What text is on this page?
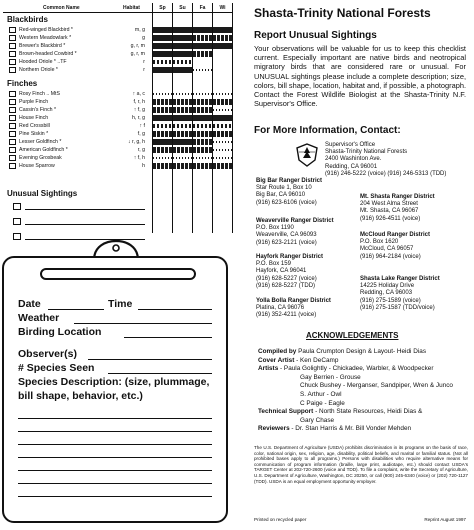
Common Name	Habitat	Sp	Su	Fa	Wi
Blackbirds
Red-winged Blackbird *	m, g
Western Meadowlark *	g
Brewer's Blackbird *	g, r, m
Brown-headed Cowbird *	g, r, m
Hooded Oriole * ..TF	r
Northern Oriole *	r
Finches
Rosy Finch .. MtS	↑ a, c
Purple Finch	f, r, h
Cassin's Finch *	↑ f, g
House Finch	h, r, g
Red Crossbill	↑ f
Pine Siskin *	f, g
Lesser Goldfinch *	↓ r, g, h
American Goldfinch *	r, g
Evening Grosbeak	↑ f, h
House Sparrow	h
Unusual Sightings
Date	Time
Weather
Birding Location
Observer(s)
# Species Seen
Species Description: (size, plummage,
bill shape, behavior, etc.)
Shasta-Trinity National Forests
Report Unusual Sightings
Your observations will be valuable for us to keep this checklist current. Especially important are native birds and neotropical migratory birds that are considered rare or unusual. For UNUSUAL sightings please include a complete description; size, colors, bill shape, location, habitat and, if possible, a photograph. Contact the Forest Wildlife Biologist at the Shasta-Trinity N.F. Supervisor's Office.
For More Information, Contact:
Supervisor's Office
Shasta-Trinity National Forests
2400 Washinton Ave.
Redding, CA 96001
(916) 246-5222 (voice) (916) 246-5313 (TDD)
Big Bar Ranger District
Star Route 1, Box 10
Big Bar, CA 96010
(916) 623-6106 (voice)
Weaverville Ranger District
P.O. Box 1190
Weaverville, CA 96093
(916) 623-2121 (voice)
Hayfork Ranger District
P.O. Box 159
Hayfork, CA 96041
(916) 628-5227 (voice)
(916) 628-5227 (TDD)
Yolla Bolla Ranger District
Platina, CA 96076
(916) 352-4211 (voice)
Mt. Shasta Ranger District
204 West Alma Street
Mt. Shasta, CA 96067
(916) 926-4511 (voice)
McCloud Ranger District
P.O. Box 1620
McCloud, CA 96057
(916) 964-2184 (voice)
Shasta Lake Ranger District
14225 Holiday Drive
Redding, CA 96003
(916) 275-1589 (voice)
(916) 275-1587 (TDD/voice)
ACKNOWLEDGEMENTS
Compiled by Paula Crumpton Design & Layout- Heidi Dias
Cover Artist - Ken DeCamp
Artists - Paula Golightly - Chickadee, Warbler, & Woodpecker
Gay Berrien - Grouse
Chuck Bushey - Merganser, Sandpiper, Wren & Junco
S. Arthur - Owl
C Paige - Eagle
Technical Support - North State Resources, Heidi Dias &
Gary Chase
Reviewers - Dr. Stan Harris & Mr. Bill Vonder Mehden
The U.S. Department of Agriculture (USDA) prohibits discrimination in its programs on the basis of race, color, national origin, sex, religion, age, disability, political beliefs, and marital or familial status. (Not all prohibited bases apply to all programs.) Persons with disabilities who require alternative means for communication of program information (braille, large print, audiotape, etc.) should contact USDA's TARGET Center at 202-720-2600 (voice and TDD). To file a complaint, write the Secretary of Agriculture, U.S. Department of Agriculture, Washington, DC 20250, or call (800) 245-6340 (voice) or (202) 720-1127 (TDD). USDA is an equal employment opportunity employer.
Printed on recycled paper	Reprint August 1997
